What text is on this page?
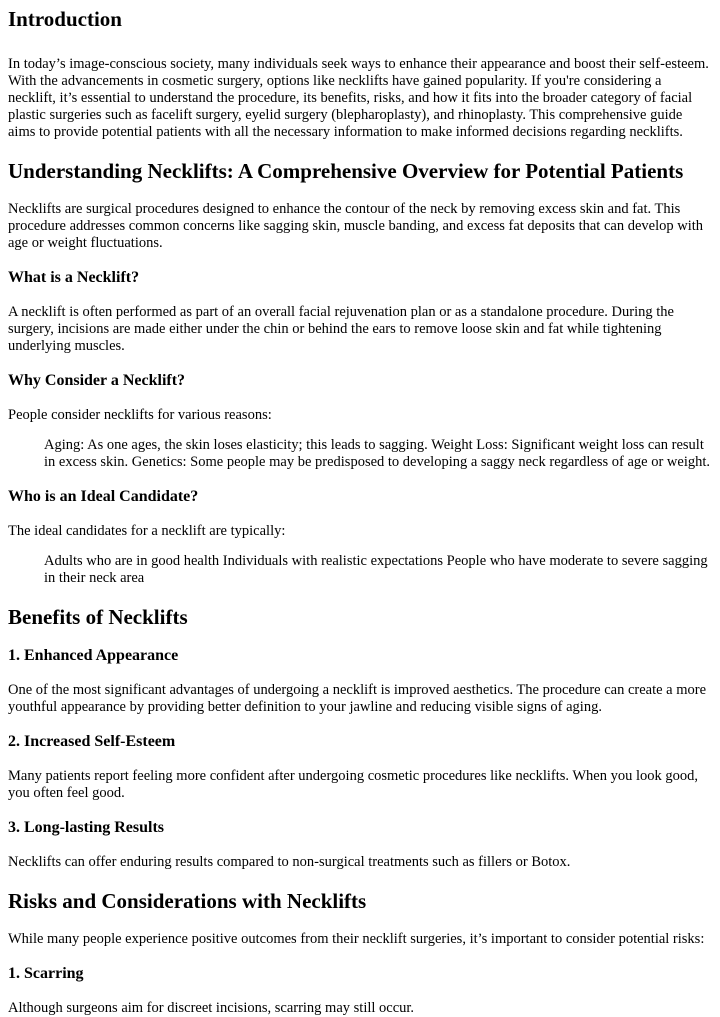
Introduction

In today’s image-conscious society, many individuals seek ways to enhance their appearance and boost their self-esteem. With the advancements in cosmetic surgery, options like necklifts have gained popularity. If you're considering a necklift, it’s essential to understand the procedure, its benefits, risks, and how it fits into the broader category of facial plastic surgeries such as facelift surgery, eyelid surgery (blepharoplasty), and rhinoplasty. This comprehensive guide aims to provide potential patients with all the necessary information to make informed decisions regarding necklifts.

Understanding Necklifts: A Comprehensive Overview for Potential Patients

Necklifts are surgical procedures designed to enhance the contour of the neck by removing excess skin and fat. This procedure addresses common concerns like sagging skin, muscle banding, and excess fat deposits that can develop with age or weight fluctuations.

What is a Necklift?

A necklift is often performed as part of an overall facial rejuvenation plan or as a standalone procedure. During the surgery, incisions are made either under the chin or behind the ears to remove loose skin and fat while tightening underlying muscles.

Why Consider a Necklift?

People consider necklifts for various reasons:

Aging: As one ages, the skin loses elasticity; this leads to sagging. Weight Loss: Significant weight loss can result in excess skin. Genetics: Some people may be predisposed to developing a saggy neck regardless of age or weight.
Who is an Ideal Candidate?

The ideal candidates for a necklift are typically:

Adults who are in good health Individuals with realistic expectations People who have moderate to severe sagging in their neck area
Benefits of Necklifts
1. Enhanced Appearance

One of the most significant advantages of undergoing a necklift is improved aesthetics. The procedure can create a more youthful appearance by providing better definition to your jawline and reducing visible signs of aging.

2. Increased Self-Esteem

Many patients report feeling more confident after undergoing cosmetic procedures like necklifts. When you look good, you often feel good.

3. Long-lasting Results

Necklifts can offer enduring results compared to non-surgical treatments such as fillers or Botox.

Risks and Considerations with Necklifts

While many people experience positive outcomes from their necklift surgeries, it’s important to consider potential risks:

1. Scarring

Although surgeons aim for discreet incisions, scarring may still occur.
